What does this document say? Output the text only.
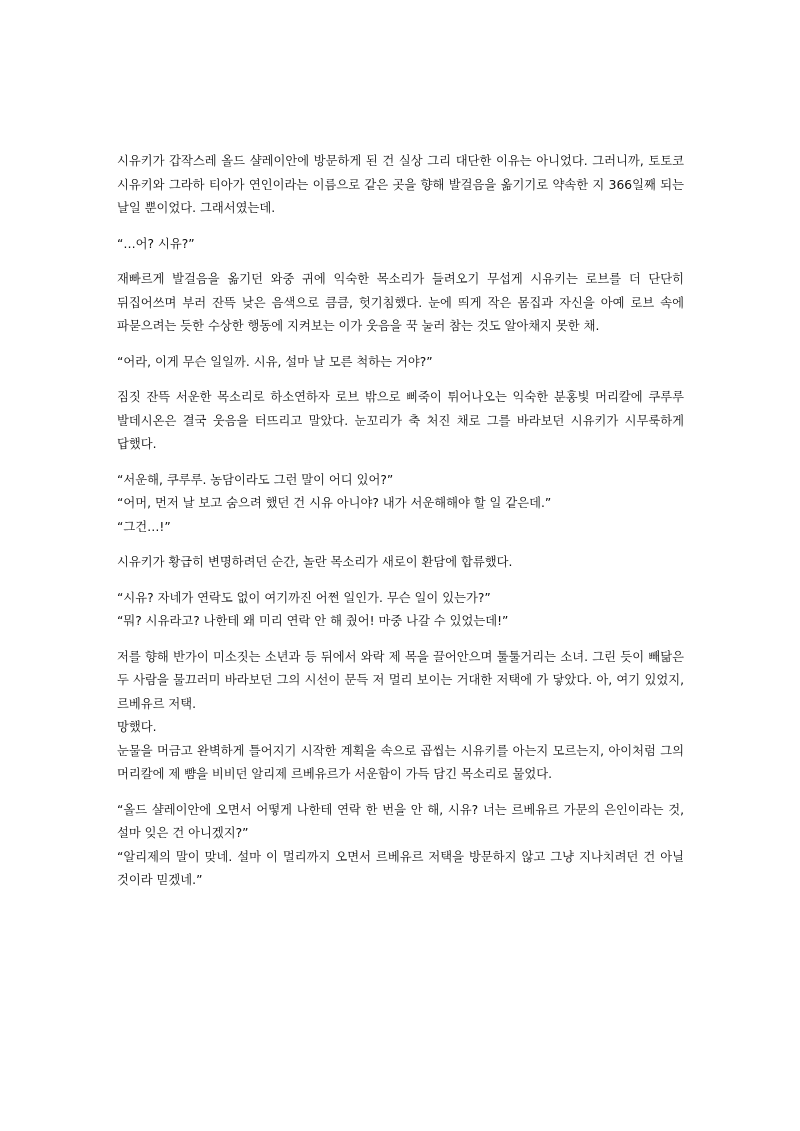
시유키가 갑작스레 올드 샬레이안에 방문하게 된 건 실상 그리 대단한 이유는 아니었다. 그러니까, 토토코 시유키와 그라하 티아가 연인이라는 이름으로 같은 곳을 향해 발걸음을 옮기기로 약속한 지 366일째 되는 날일 뿐이었다. 그래서였는데.

“…어? 시유?”

재빠르게 발걸음을 옮기던 와중 귀에 익숙한 목소리가 들려오기 무섭게 시유키는 로브를 더 단단히 뒤집어쓰며 부러 잔뜩 낮은 음색으로 큼큼, 헛기침했다. 눈에 띄게 작은 몸집과 자신을 아예 로브 속에 파묻으려는 듯한 수상한 행동에 지켜보는 이가 웃음을 꾹 눌러 참는 것도 알아채지 못한 채.

“어라, 이게 무슨 일일까. 시유, 설마 날 모른 척하는 거야?”

짐짓 잔뜩 서운한 목소리로 하소연하자 로브 밖으로 삐죽이 튀어나오는 익숙한 분홍빛 머리칼에 쿠루루 발데시온은 결국 웃음을 터뜨리고 말았다. 눈꼬리가 축 처진 채로 그를 바라보던 시유키가 시무룩하게 답했다.

“서운해, 쿠루루. 농담이라도 그런 말이 어디 있어?”

“어머, 먼저 날 보고 숨으려 했던 건 시유 아니야? 내가 서운해해야 할 일 같은데.”

“그건…!”

시유키가 황급히 변명하려던 순간, 놀란 목소리가 새로이 환담에 합류했다.

“시유? 자네가 연락도 없이 여기까진 어쩐 일인가. 무슨 일이 있는가?”

“뭐? 시유라고? 나한테 왜 미리 연락 안 해 줬어! 마중 나갈 수 있었는데!”

저를 향해 반가이 미소짓는 소년과 등 뒤에서 와락 제 목을 끌어안으며 툴툴거리는 소녀. 그린 듯이 빼닮은 두 사람을 물끄러미 바라보던 그의 시선이 문득 저 멀리 보이는 거대한 저택에 가 닿았다. 아, 여기 있었지, 르베유르 저택.

망했다.

눈물을 머금고 완벽하게 틀어지기 시작한 계획을 속으로 곱씹는 시유키를 아는지 모르는지, 아이처럼 그의 머리칼에 제 뺨을 비비던 알리제 르베유르가 서운함이 가득 담긴 목소리로 물었다.

“올드 샬레이안에 오면서 어떻게 나한테 연락 한 번을 안 해, 시유? 너는 르베유르 가문의 은인이라는 것, 설마 잊은 건 아니겠지?”

“알리제의 말이 맞네. 설마 이 멀리까지 오면서 르베유르 저택을 방문하지 않고 그냥 지나치려던 건 아닐 것이라 믿겠네.”
